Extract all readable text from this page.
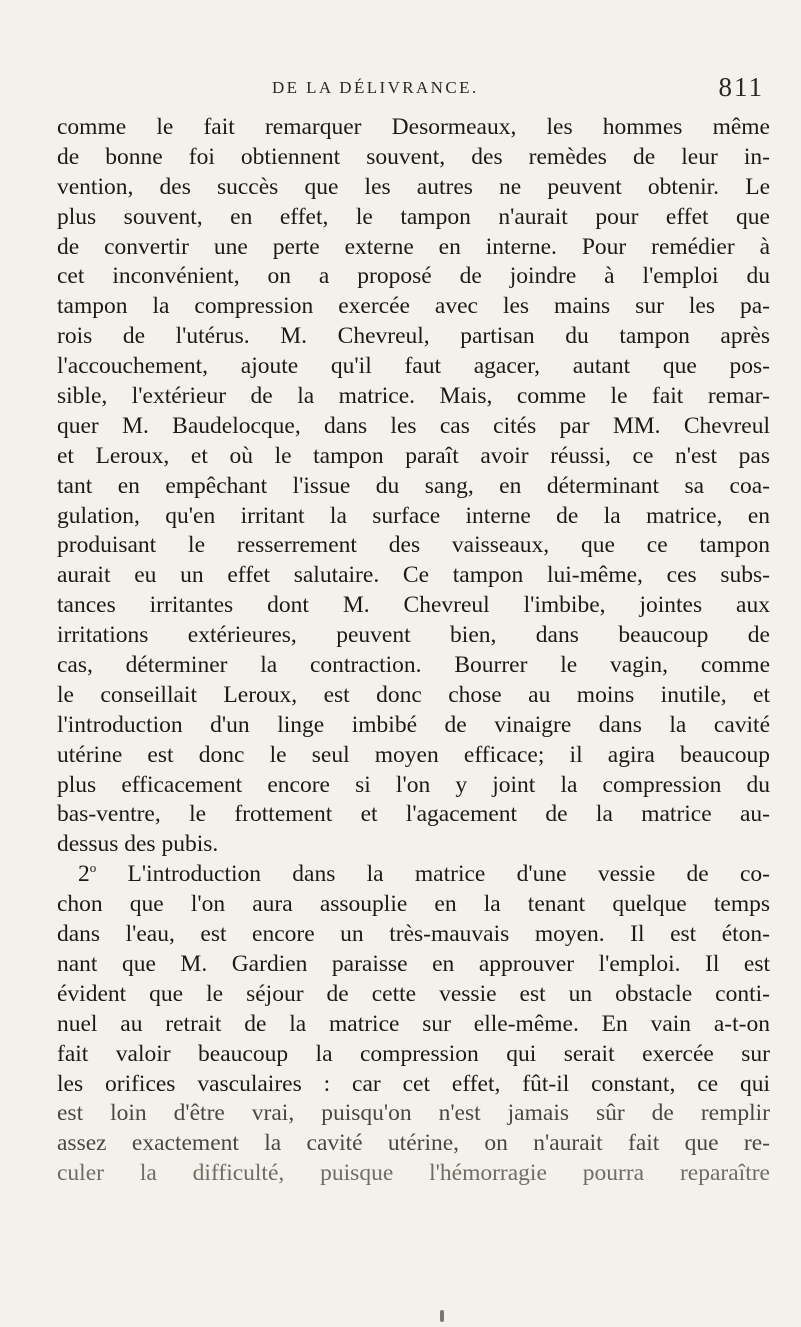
DE LA DÉLIVRANCE.	811
comme le fait remarquer Desormeaux, les hommes même
de bonne foi obtiennent souvent, des remèdes de leur in-
vention, des succès que les autres ne peuvent obtenir. Le
plus souvent, en effet, le tampon n'aurait pour effet que
de convertir une perte externe en interne. Pour remédier à
cet inconvénient, on a proposé de joindre à l'emploi du
tampon la compression exercée avec les mains sur les pa-
rois de l'utérus. M. Chevreul, partisan du tampon après
l'accouchement, ajoute qu'il faut agacer, autant que pos-
sible, l'extérieur de la matrice. Mais, comme le fait remar-
quer M. Baudelocque, dans les cas cités par MM. Chevreul
et Leroux, et où le tampon paraît avoir réussi, ce n'est pas
tant en empêchant l'issue du sang, en déterminant sa coa-
gulation, qu'en irritant la surface interne de la matrice, en
produisant le resserrement des vaisseaux, que ce tampon
aurait eu un effet salutaire. Ce tampon lui-même, ces subs-
tances irritantes dont M. Chevreul l'imbibe, jointes aux
irritations extérieures, peuvent bien, dans beaucoup de
cas, déterminer la contraction. Bourrer le vagin, comme
le conseillait Leroux, est donc chose au moins inutile, et
l'introduction d'un linge imbibé de vinaigre dans la cavité
utérine est donc le seul moyen efficace; il agira beaucoup
plus efficacement encore si l'on y joint la compression du
bas-ventre, le frottement et l'agacement de la matrice au-
dessus des pubis.
2$^o$ L'introduction dans la matrice d'une vessie de co-
chon que l'on aura assouplie en la tenant quelque temps
dans l'eau, est encore un très-mauvais moyen. Il est éton-
nant que M. Gardien paraisse en approuver l'emploi. Il est
évident que le séjour de cette vessie est un obstacle conti-
nuel au retrait de la matrice sur elle-même. En vain a-t-on
fait valoir beaucoup la compression qui serait exercée sur
les orifices vasculaires : car cet effet, fût-il constant, ce qui
est loin d'être vrai, puisqu'on n'est jamais sûr de remplir
assez exactement la cavité utérine, on n'aurait fait que re-
culer la difficulté, puisque l'hémorragie pourra reparaître
